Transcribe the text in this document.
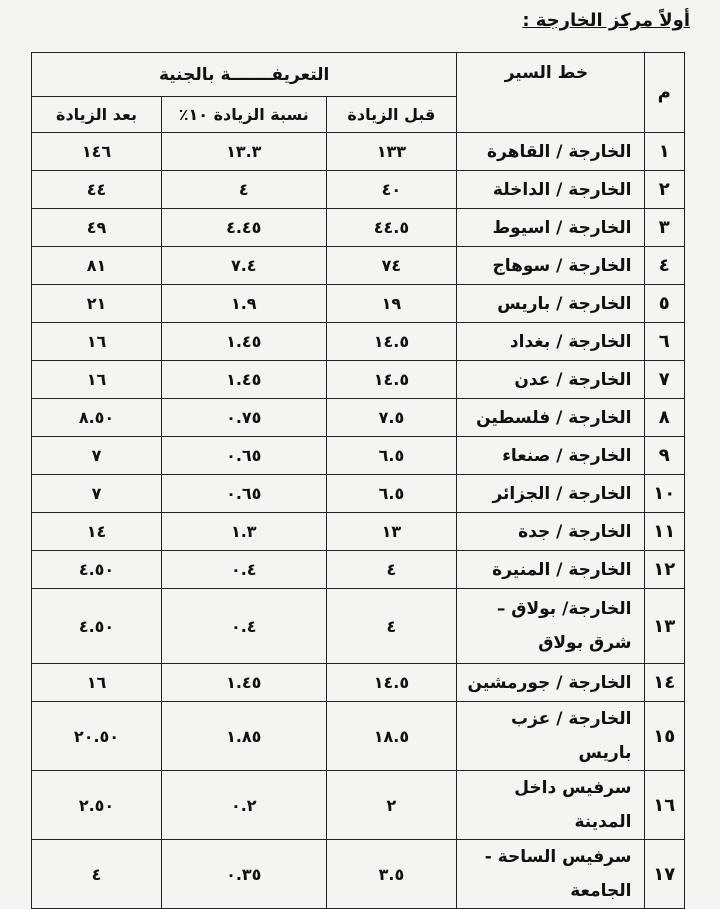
أولاً مركز الخارجة :
م	خط السير	التعريفـــــــة بالجنية		
		قبل الزيادة	نسبة الزيادة ١٠٪	بعد الزيادة
١	الخارجة / القاهرة	١٣٣	١٣.٣	١٤٦
٢	الخارجة / الداخلة	٤٠	٤	٤٤
٣	الخارجة / اسيوط	٤٤.٥	٤.٤٥	٤٩
٤	الخارجة / سوهاج	٧٤	٧.٤	٨١
٥	الخارجة / باريس	١٩	١.٩	٢١
٦	الخارجة / بغداد	١٤.٥	١.٤٥	١٦
٧	الخارجة / عدن	١٤.٥	١.٤٥	١٦
٨	الخارجة / فلسطين	٧.٥	٠.٧٥	٨.٥٠
٩	الخارجة / صنعاء	٦.٥	٠.٦٥	٧
١٠	الخارجة / الجزائر	٦.٥	٠.٦٥	٧
١١	الخارجة / جدة	١٣	١.٣	١٤
١٢	الخارجة / المنيرة	٤	٠.٤	٤.٥٠
١٣	الخارجة/ بولاق – شرق بولاق	٤	٠.٤	٤.٥٠
١٤	الخارجة / جورمشين	١٤.٥	١.٤٥	١٦
١٥	الخارجة / عزب باريس	١٨.٥	١.٨٥	٢٠.٥٠
١٦	سرفيس داخل المدينة	٢	٠.٢	٢.٥٠
١٧	سرفيس الساحة - الجامعة	٣.٥	٠.٣٥	٤
